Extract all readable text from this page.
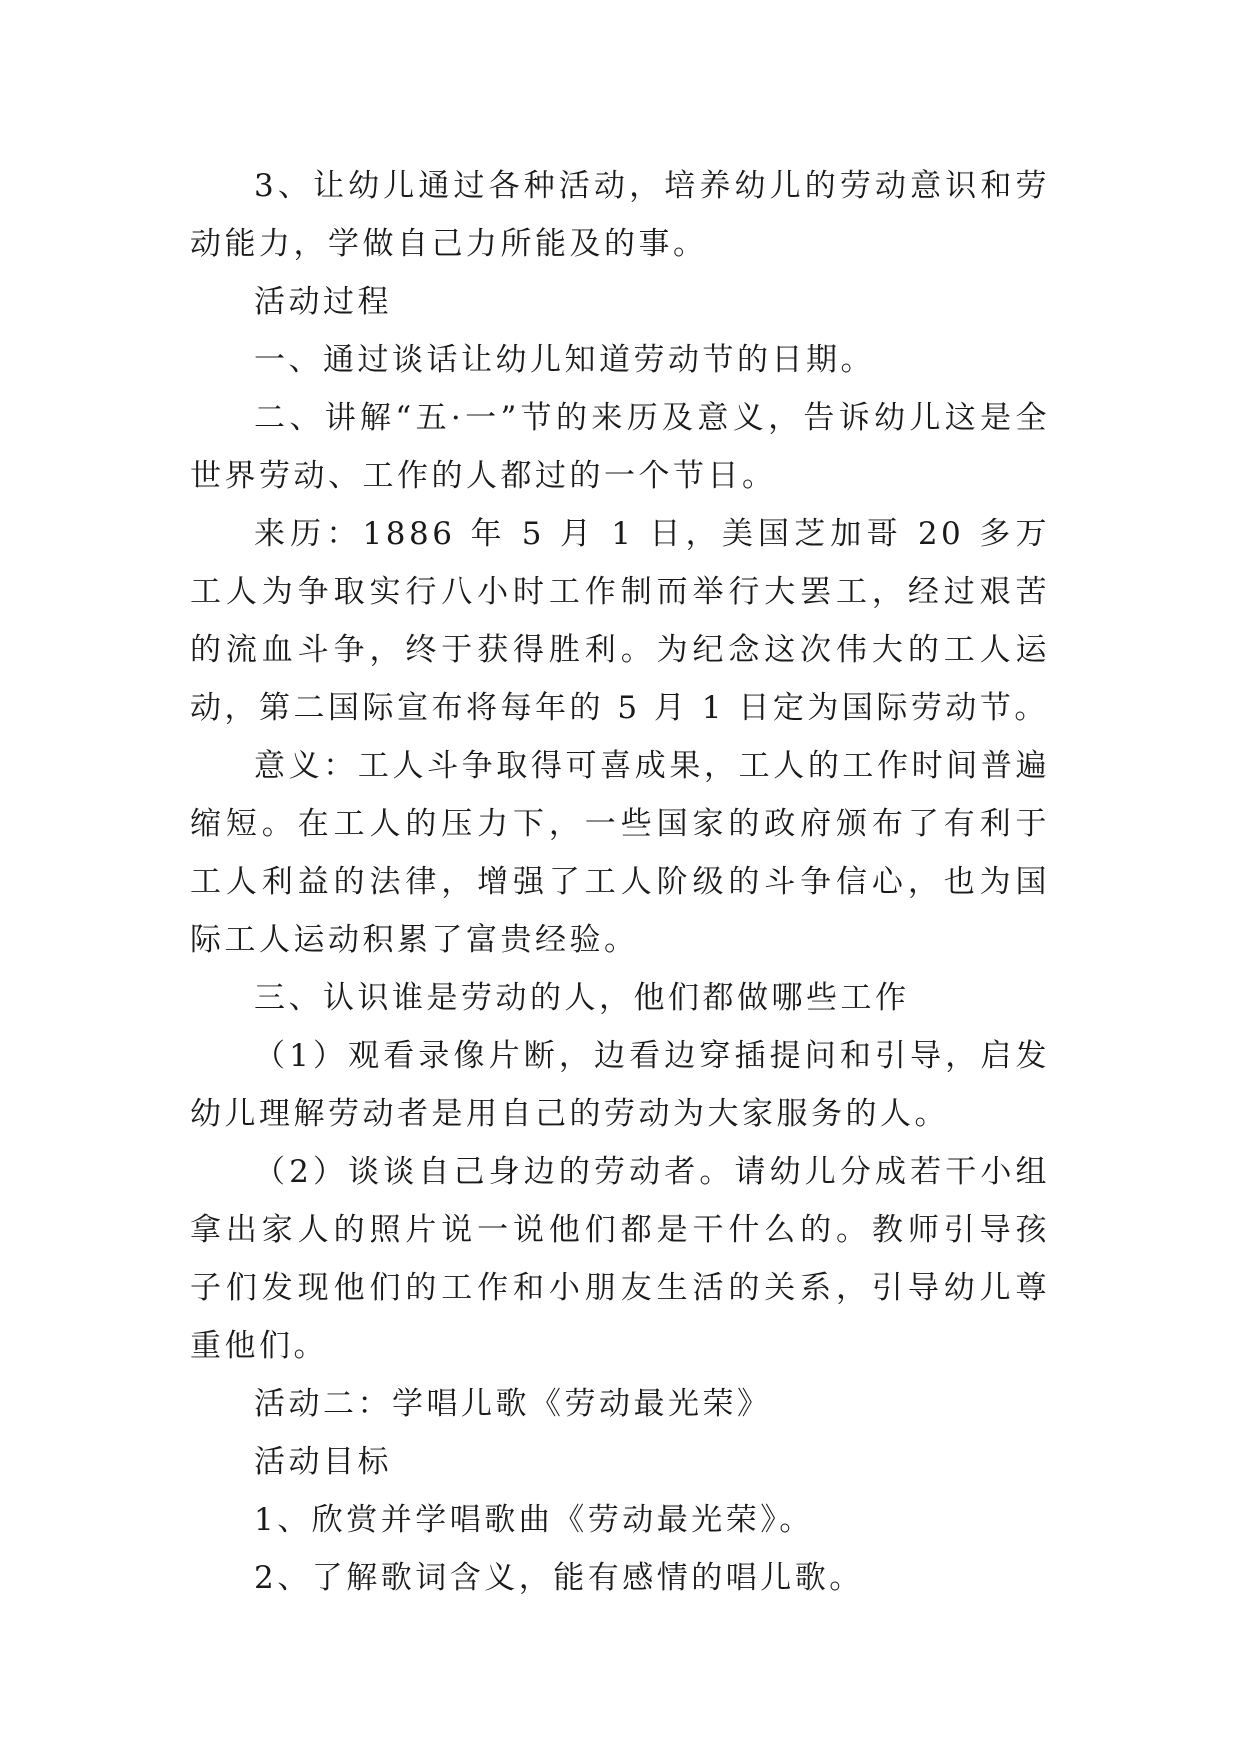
3、让幼儿通过各种活动，培养幼儿的劳动意识和劳动能力，学做自己力所能及的事。

活动过程

一、通过谈话让幼儿知道劳动节的日期。

二、讲解“五·一”节的来历及意义，告诉幼儿这是全世界劳动、工作的人都过的一个节日。

来历：1886 年 5 月 1 日，美国芝加哥 20 多万工人为争取实行八小时工作制而举行大罢工，经过艰苦的流血斗争，终于获得胜利。为纪念这次伟大的工人运动，第二国际宣布将每年的 5 月 1 日定为国际劳动节。

意义：工人斗争取得可喜成果，工人的工作时间普遍缩短。在工人的压力下，一些国家的政府颁布了有利于工人利益的法律，增强了工人阶级的斗争信心，也为国际工人运动积累了富贵经验。

三、认识谁是劳动的人，他们都做哪些工作

（1）观看录像片断，边看边穿插提问和引导，启发幼儿理解劳动者是用自己的劳动为大家服务的人。

（2）谈谈自己身边的劳动者。请幼儿分成若干小组拿出家人的照片说一说他们都是干什么的。教师引导孩子们发现他们的工作和小朋友生活的关系，引导幼儿尊重他们。

活动二：学唱儿歌《劳动最光荣》

活动目标

1、欣赏并学唱歌曲《劳动最光荣》。

2、了解歌词含义，能有感情的唱儿歌。
